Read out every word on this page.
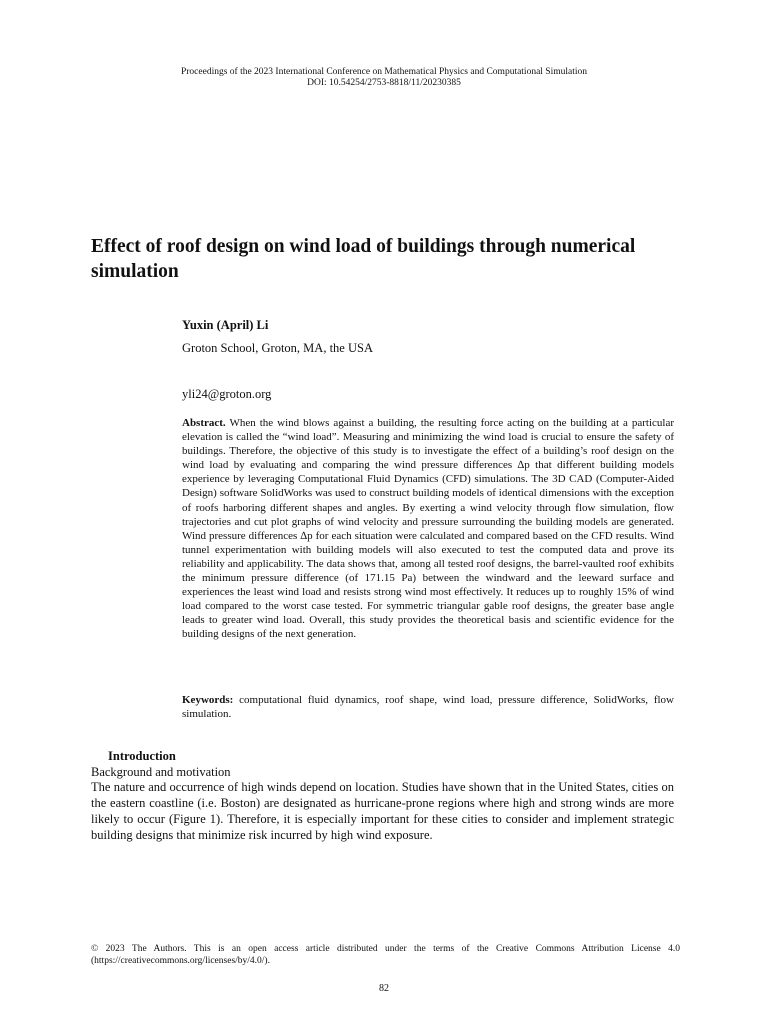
Proceedings of the 2023 International Conference on Mathematical Physics and Computational Simulation
DOI: 10.54254/2753-8818/11/20230385
Effect of roof design on wind load of buildings through numerical simulation
Yuxin (April) Li
Groton School, Groton, MA, the USA
yli24@groton.org

Abstract. When the wind blows against a building, the resulting force acting on the building at a particular elevation is called the “wind load”. Measuring and minimizing the wind load is crucial to ensure the safety of buildings. Therefore, the objective of this study is to investigate the effect of a building’s roof design on the wind load by evaluating and comparing the wind pressure differences ∆p that different building models experience by leveraging Computational Fluid Dynamics (CFD) simulations. The 3D CAD (Computer-Aided Design) software SolidWorks was used to construct building models of identical dimensions with the exception of roofs harboring different shapes and angles. By exerting a wind velocity through flow simulation, flow trajectories and cut plot graphs of wind velocity and pressure surrounding the building models are generated. Wind pressure differences ∆p for each situation were calculated and compared based on the CFD results. Wind tunnel experimentation with building models will also executed to test the computed data and prove its reliability and applicability. The data shows that, among all tested roof designs, the barrel-vaulted roof exhibits the minimum pressure difference (of 171.15 Pa) between the windward and the leeward surface and experiences the least wind load and resists strong wind most effectively. It reduces up to roughly 15% of wind load compared to the worst case tested. For symmetric triangular gable roof designs, the greater base angle leads to greater wind load. Overall, this study provides the theoretical basis and scientific evidence for the building designs of the next generation.

Keywords: computational fluid dynamics, roof shape, wind load, pressure difference, SolidWorks, flow simulation.

Introduction
Background and motivation

The nature and occurrence of high winds depend on location. Studies have shown that in the United States, cities on the eastern coastline (i.e. Boston) are designated as hurricane-prone regions where high and strong winds are more likely to occur (Figure 1). Therefore, it is especially important for these cities to consider and implement strategic building designs that minimize risk incurred by high wind exposure.

© 2023 The Authors. This is an open access article distributed under the terms of the Creative Commons Attribution License 4.0 (https://creativecommons.org/licenses/by/4.0/).

82
